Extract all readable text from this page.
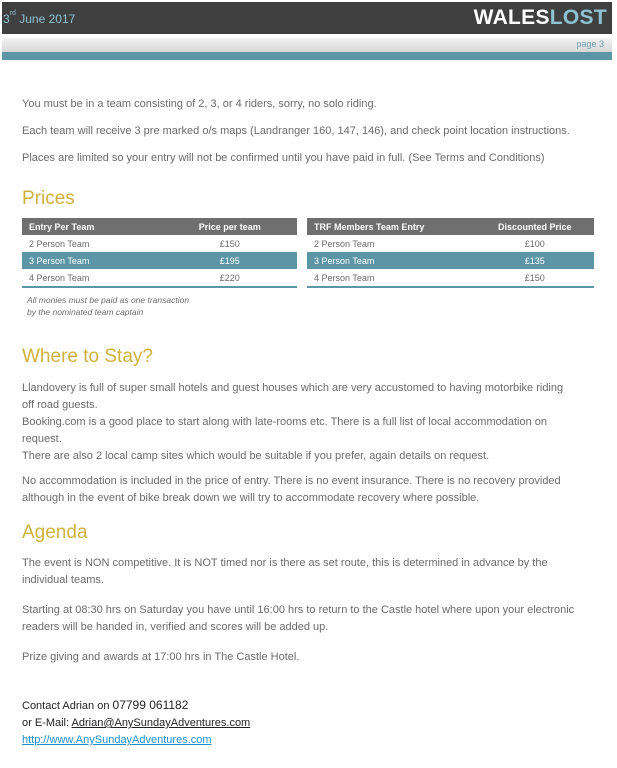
3rd June 2017	WALESLOST
page 3

You must be in a team consisting of 2, 3, or 4 riders, sorry, no solo riding.

Each team will receive 3 pre marked o/s maps (Landranger 160, 147, 146), and check point location instructions.

Places are limited so your entry will not be confirmed until you have paid in full. (See Terms and Conditions)

Prices
Entry Per Team	Price per team
2 Person Team	£150
3 Person Team	£195
4 Person Team	£220
TRF Members Team Entry	Discounted Price
2 Person Team	£100
3 Person Team	£135
4 Person Team	£150
All monies must be paid as one transaction by the nominated team captain
Where to Stay?
Llandovery is full of super small hotels and guest houses which are very accustomed to having motorbike riding
off road guests.
Booking.com is a good place to start along with late-rooms etc. There is a full list of local accommodation on
request.
There are also 2 local camp sites which would be suitable if you prefer, again details on request.
No accommodation is included in the price of entry. There is no event insurance. There is no recovery provided
although in the event of bike break down we will try to accommodate recovery where possible.
Agenda
The event is NON competitive. It is NOT timed nor is there as set route, this is determined in advance by the
individual teams.
Starting at 08:30 hrs on Saturday you have until 16:00 hrs to return to the Castle hotel where upon your electronic
readers will be handed in, verified and scores will be added up.

Prize giving and awards at 17:00 hrs in The Castle Hotel.

Contact Adrian on 07799 061182
or E-Mail: Adrian@AnySundayAdventures.com
http://www.AnySundayAdventures.com
